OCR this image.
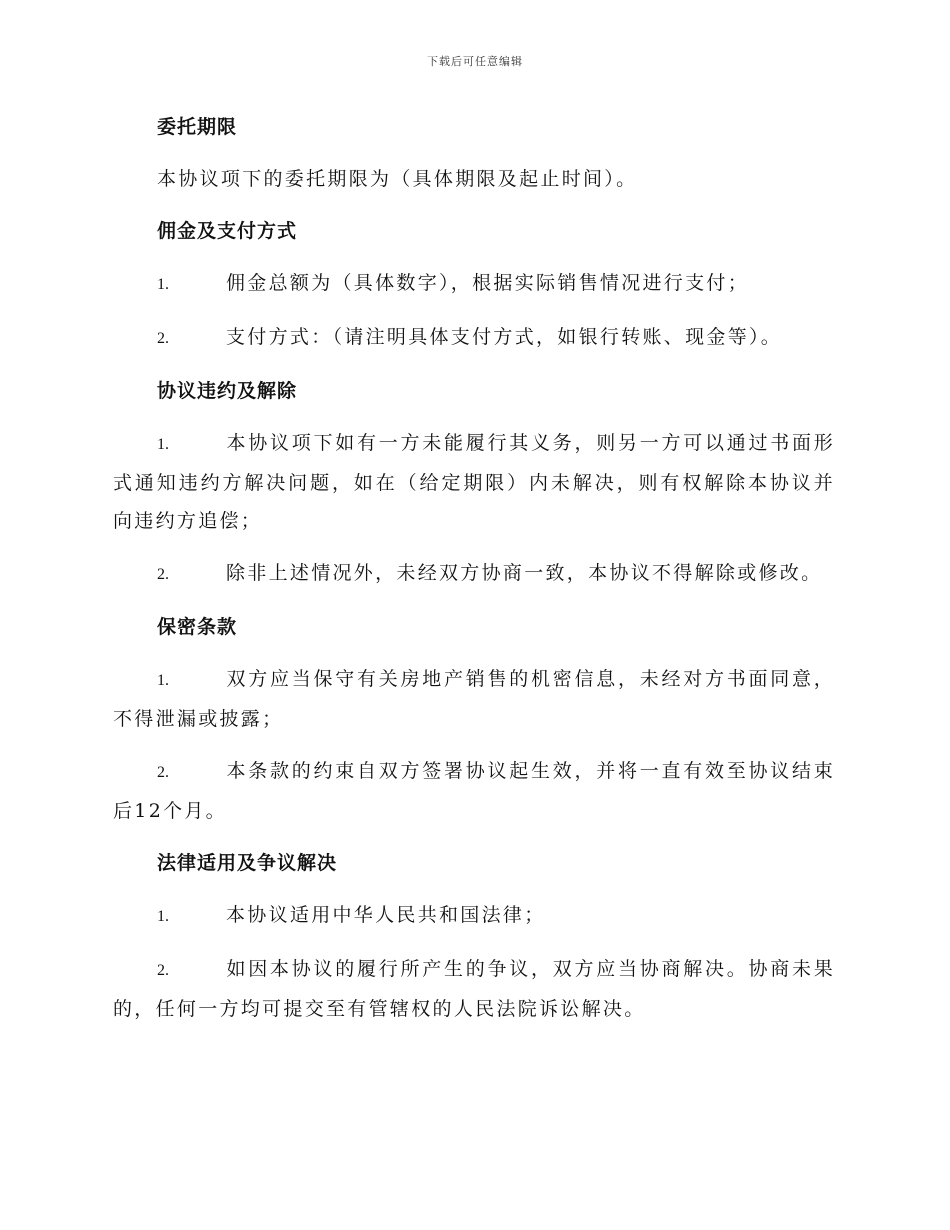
下载后可任意编辑
委托期限
本协议项下的委托期限为（具体期限及起止时间）。
佣金及支付方式
1.	佣金总额为（具体数字），根据实际销售情况进行支付；
2.	支付方式：（请注明具体支付方式，如银行转账、现金等）。
协议违约及解除
1.	本协议项下如有一方未能履行其义务，则另一方可以通过书面形式通知违约方解决问题，如在（给定期限）内未解决，则有权解除本协议并向违约方追偿；
2.	除非上述情况外，未经双方协商一致，本协议不得解除或修改。
保密条款
1.	双方应当保守有关房地产销售的机密信息，未经对方书面同意，不得泄漏或披露；
2.	本条款的约束自双方签署协议起生效，并将一直有效至协议结束后12个月。
法律适用及争议解决
1.	本协议适用中华人民共和国法律；
2.	如因本协议的履行所产生的争议，双方应当协商解决。协商未果的，任何一方均可提交至有管辖权的人民法院诉讼解决。
